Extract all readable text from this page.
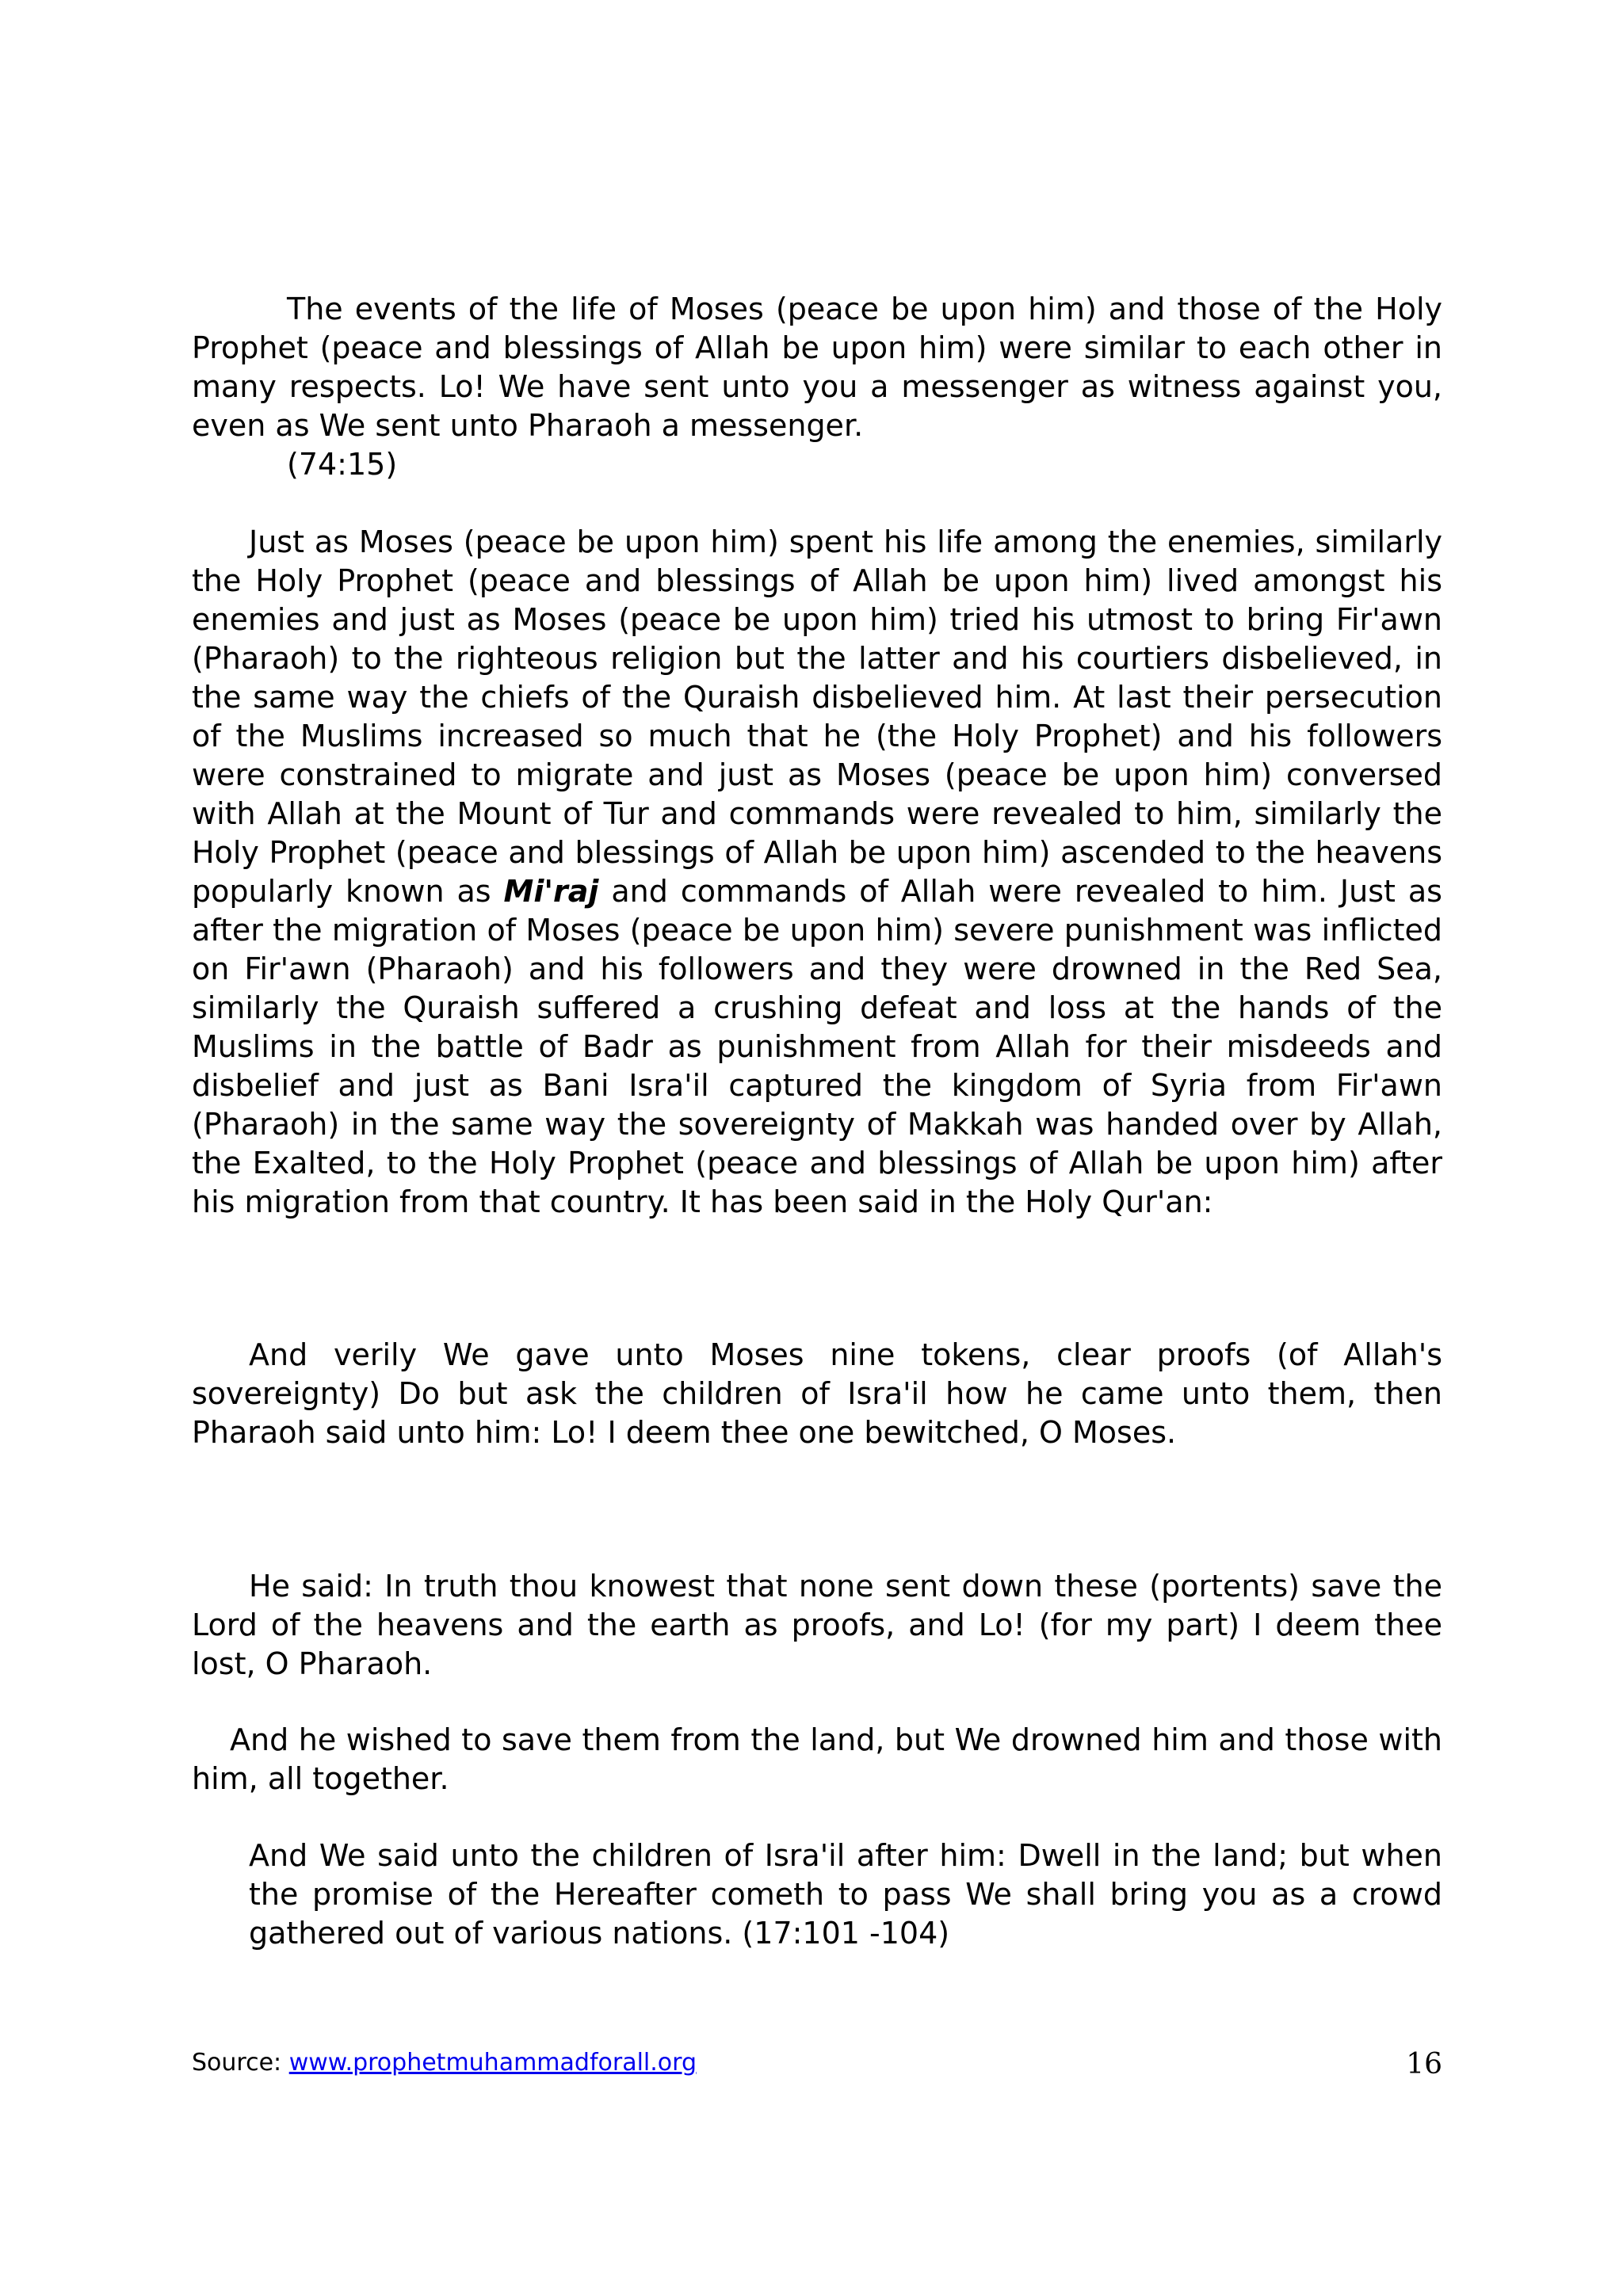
The events of the life of Moses (peace be upon him) and those of the Holy Prophet (peace and blessings of Allah be upon him) were similar to each other in many respects. Lo! We have sent unto you a messenger as witness against you, even as We sent unto Pharaoh a messenger.
(74:15)

Just as Moses (peace be upon him) spent his life among the enemies, similarly the Holy Prophet (peace and blessings of Allah be upon him) lived amongst his enemies and just as Moses (peace be upon him) tried his utmost to bring Fir'awn (Pharaoh) to the righteous religion but the latter and his courtiers disbelieved, in the same way the chiefs of the Quraish disbelieved him. At last their persecution of the Muslims increased so much that he (the Holy Prophet) and his followers were constrained to migrate and just as Moses (peace be upon him) conversed with Allah at the Mount of Tur and commands were revealed to him, similarly the Holy Prophet (peace and blessings of Allah be upon him) ascended to the heavens popularly known as Mi'raj and commands of Allah were revealed to him. Just as after the migration of Moses (peace be upon him) severe punishment was inflicted on Fir'awn (Pharaoh) and his followers and they were drowned in the Red Sea, similarly the Quraish suffered a crushing defeat and loss at the hands of the Muslims in the battle of Badr as punishment from Allah for their misdeeds and disbelief and just as Bani Isra'il captured the kingdom of Syria from Fir'awn (Pharaoh) in the same way the sovereignty of Makkah was handed over by Allah, the Exalted, to the Holy Prophet (peace and blessings of Allah be upon him) after his migration from that country. It has been said in the Holy Qur'an:

And verily We gave unto Moses nine tokens, clear proofs (of Allah's sovereignty) Do but ask the children of Isra'il how he came unto them, then Pharaoh said unto him: Lo! I deem thee one bewitched, O Moses.

He said: In truth thou knowest that none sent down these (portents) save the Lord of the heavens and the earth as proofs, and Lo! (for my part) I deem thee lost, O Pharaoh.

And he wished to save them from the land, but We drowned him and those with him, all together.

And We said unto the children of Isra'il after him: Dwell in the land; but when the promise of the Hereafter cometh to pass We shall bring you as a crowd gathered out of various nations. (17:101 -104)

Source: www.prophetmuhammadforall.org	16
